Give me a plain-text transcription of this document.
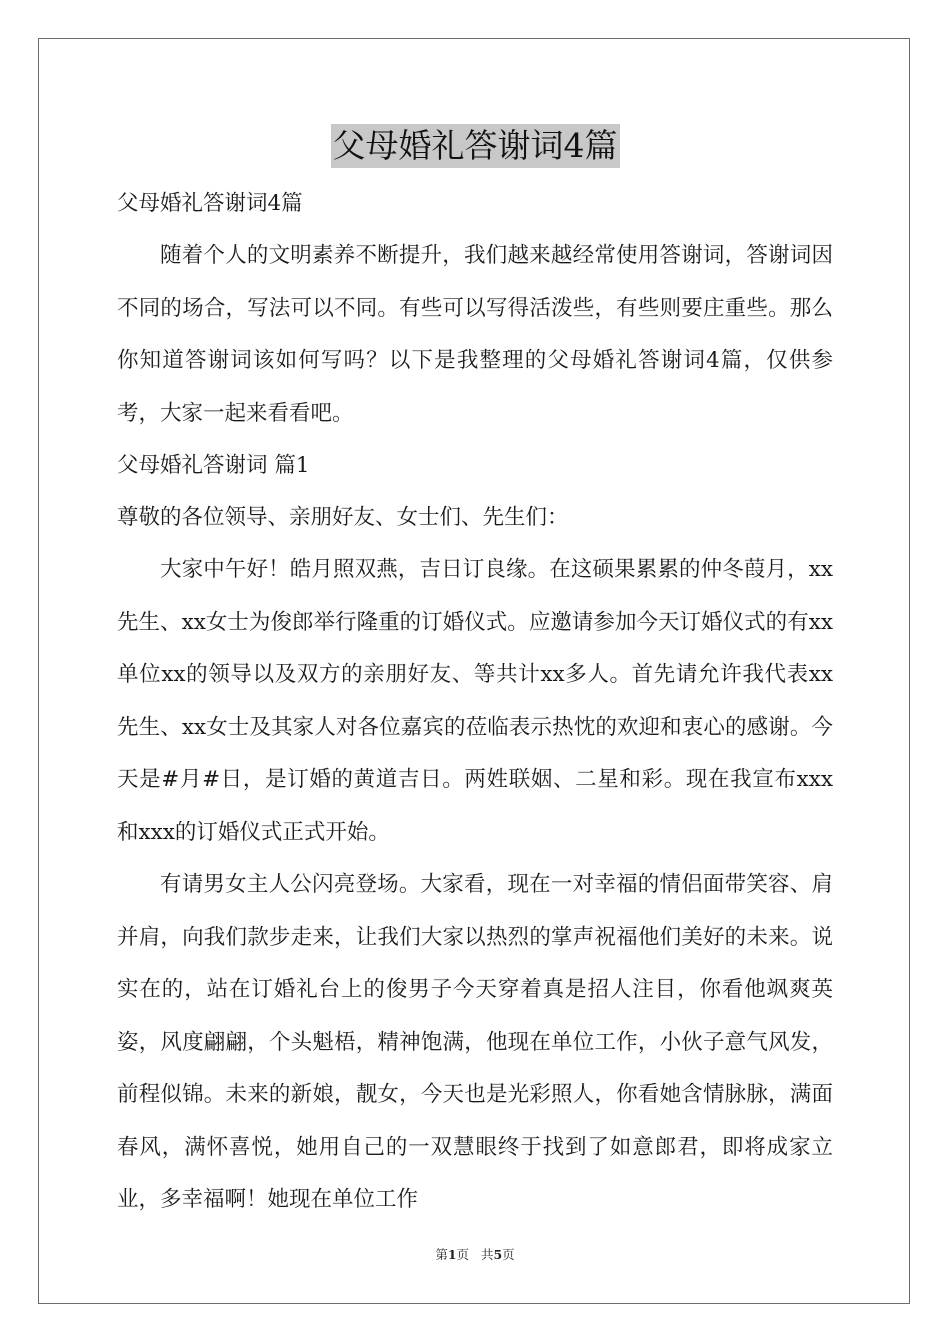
父母婚礼答谢词4篇

父母婚礼答谢词4篇

随着个人的文明素养不断提升，我们越来越经常使用答谢词，答谢词因不同的场合，写法可以不同。有些可以写得活泼些，有些则要庄重些。那么你知道答谢词该如何写吗？以下是我整理的父母婚礼答谢词4篇，仅供参考，大家一起来看看吧。

父母婚礼答谢词 篇1

尊敬的各位领导、亲朋好友、女士们、先生们：

大家中午好！皓月照双燕，吉日订良缘。在这硕果累累的仲冬葭月，xx先生、xx女士为俊郎举行隆重的订婚仪式。应邀请参加今天订婚仪式的有xx单位xx的领导以及双方的亲朋好友、等共计xx多人。首先请允许我代表xx先生、xx女士及其家人对各位嘉宾的莅临表示热忱的欢迎和衷心的感谢。今天是#月#日，是订婚的黄道吉日。两姓联姻、二星和彩。现在我宣布xxx和xxx的订婚仪式正式开始。

有请男女主人公闪亮登场。大家看，现在一对幸福的情侣面带笑容、肩并肩，向我们款步走来，让我们大家以热烈的掌声祝福他们美好的未来。说实在的，站在订婚礼台上的俊男子今天穿着真是招人注目，你看他飒爽英姿，风度翩翩，个头魁梧，精神饱满，他现在单位工作，小伙子意气风发，前程似锦。未来的新娘，靓女，今天也是光彩照人，你看她含情脉脉，满面春风，满怀喜悦，她用自己的一双慧眼终于找到了如意郎君，即将成家立业，多幸福啊！她现在单位工作

第1页   共5页
